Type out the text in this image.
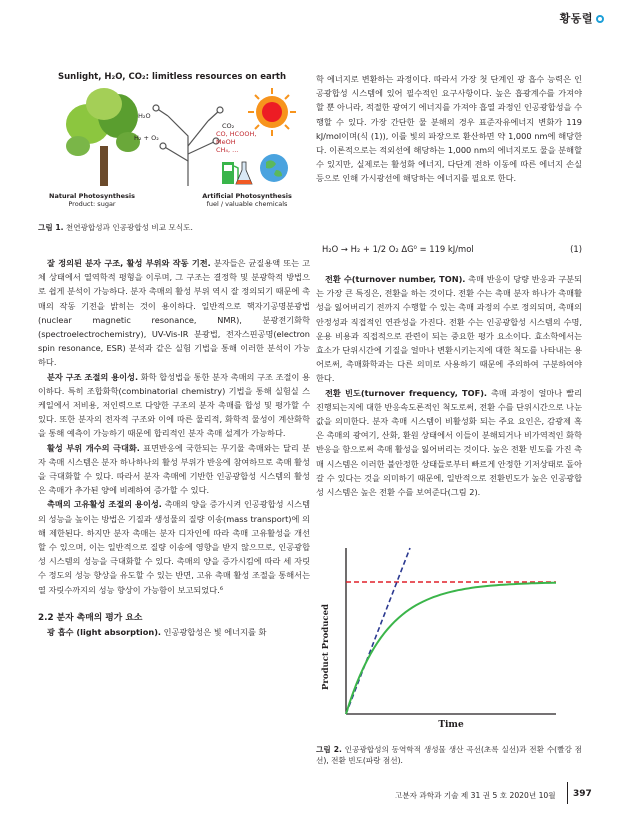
황동렬
Sunlight, H₂O, CO₂: limitless resources on earth
H₂O
H₂ + O₂
CO₂
CO, HCOOH,
MeOH
CH₄, ...
Natural Photosynthesis
Product: sugar
Artificial Photosynthesis
fuel / valuable chemicals
그림 1. 천연광합성과 인공광합성 비교 모식도.

잘 정의된 분자 구조, 활성 부위와 작동 기전. 분자들은 균질용액 또는 고체 상태에서 열역학적 평형을 이루며, 그 구조는 결정학 및 분광학적 방법으로 쉽게 분석이 가능하다. 분자 촉매의 활성 부위 역시 잘 정의되기 때문에 촉매의 작동 기전을 밝히는 것이 용이하다. 일반적으로 핵자기공명분광법(nuclear magnetic resonance, NMR), 분광전기화학(spectroelectrochemistry), UV-Vis-IR 분광법, 전자스핀공명(electron spin resonance, ESR) 분석과 같은 실험 기법을 통해 이러한 분석이 가능하다.

분자 구조 조절의 용이성. 화학 합성법을 통한 분자 촉매의 구조 조절이 용이하다. 특히 조합화학(combinatorial chemistry) 기법을 통해 실험실 스케일에서 저비용, 저인력으로 다양한 구조의 분자 촉매를 합성 및 평가할 수 있다. 또한 분자의 전자적 구조와 이에 따른 물리적, 화학적 물성이 계산화학을 통해 예측이 가능하기 때문에 합리적인 분자 촉매 설계가 가능하다.

활성 부위 개수의 극대화. 표면반응에 국한되는 무기물 촉매와는 달리 분자 촉매 시스템은 분자 하나하나의 활성 부위가 반응에 참여하므로 촉매 활성을 극대화할 수 있다. 따라서 분자 촉매에 기반한 인공광합성 시스템의 활성은 촉매가 추가된 양에 비례하여 증가할 수 있다.

촉매의 고유활성 조절의 용이성. 촉매의 양을 증가시켜 인공광합성 시스템의 성능을 높이는 방법은 기질과 생성물의 질량 이송(mass transport)에 의해 제한된다. 하지만 분자 촉매는 분자 디자인에 따라 촉매 고유활성을 개선할 수 있으며, 이는 일반적으로 질량 이송에 영향을 받지 않으므로, 인공광합성 시스템의 성능을 극대화할 수 있다. 촉매의 양을 증가시킴에 따라 세 자릿수 정도의 성능 향상을 유도할 수 있는 반면, 고유 촉매 활성 조절을 통해서는 열 자릿수까지의 성능 향상이 가능함이 보고되었다.⁶

2.2 분자 촉매의 평가 요소

광 흡수 (light absorption). 인공광합성은 빛 에너지를 화

학 에너지로 변환하는 과정이다. 따라서 가장 첫 단계인 광 흡수 능력은 인공광합성 시스템에 있어 필수적인 요구사항이다. 높은 흡광계수를 가져야 할 뿐 아니라, 적절한 광여기 에너지를 가져야 흡열 과정인 인공광합성을 수행할 수 있다. 가장 간단한 물 분해의 경우 표준자유에너지 변화가 119 kJ/mol이며(식 (1)), 이를 빛의 파장으로 환산하면 약 1,000 nm에 해당한다. 이론적으로는 적외선에 해당하는 1,000 nm의 에너지로도 물을 분해할 수 있지만, 실제로는 활성화 에너지, 다단계 전하 이동에 따른 에너지 손실 등으로 인해 가시광선에 해당하는 에너지를 필요로 한다.

H₂O → H₂ + 1/2 O₂ ΔG⁰ = 119 kJ/mol	(1)

전환 수(turnover number, TON). 촉매 반응이 당량 반응과 구분되는 가장 큰 특징은, 전환을 하는 것이다. 전환 수는 촉매 분자 하나가 촉매활성을 잃어버리기 전까지 수행할 수 있는 촉매 과정의 수로 정의되며, 촉매의 안정성과 직접적인 연관성을 가진다. 전환 수는 인공광합성 시스템의 수명, 운용 비용과 직접적으로 관련이 되는 중요한 평가 요소이다. 효소학에서는 효소가 단위시간에 기질을 얼마나 변환시키는지에 대한 척도를 나타내는 용어로써, 촉매화학과는 다른 의미로 사용하기 때문에 주의하여 구분하여야 한다.

전환 빈도(turnover frequency, TOF). 촉매 과정이 얼마나 빨리 진행되는지에 대한 반응속도론적인 척도로써, 전환 수를 단위시간으로 나눈 값을 의미한다. 분자 촉매 시스템이 비활성화 되는 주요 요인은, 감광제 혹은 촉매의 광여기, 산화, 환원 상태에서 이들이 분해되거나 비가역적인 화학반응을 함으로써 촉매 활성을 잃어버리는 것이다. 높은 전환 빈도를 가진 촉매 시스템은 이러한 불안정한 상태들로부터 빠르게 안정한 기저상태로 돌아갈 수 있다는 것을 의미하기 때문에, 일반적으로 전환빈도가 높은 인공광합성 시스템은 높은 전환 수를 보여준다(그림 2).

Product Produced
Time
그림 2. 인공광합성의 동역학적 생성물 생산 곡선(초록 실선)과 전환 수(빨강 점선), 전환 빈도(파랑 점선).
고분자 과학과 기술 제 31 권 5 호 2020년 10월 397
